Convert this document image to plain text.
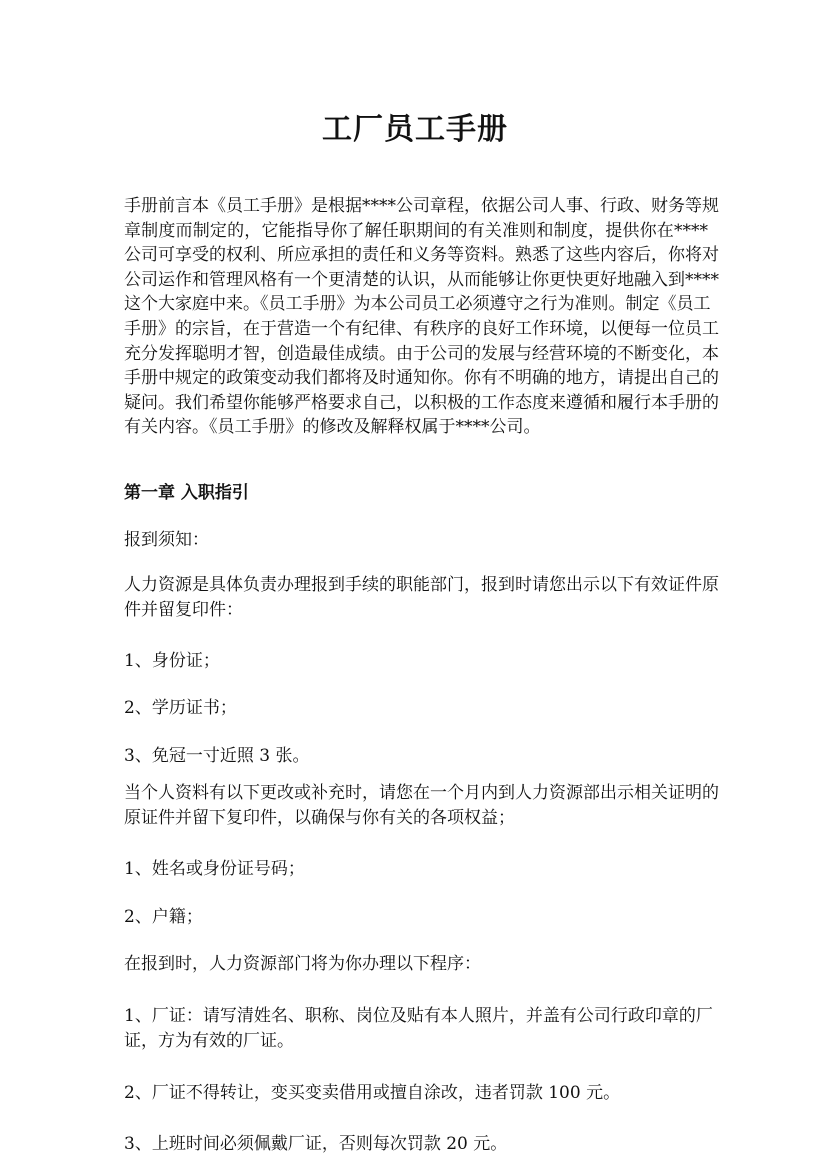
工厂员工手册
手册前言本《员工手册》是根据****公司章程，依据公司人事、行政、财务等规
章制度而制定的，它能指导你了解任职期间的有关准则和制度，提供你在****
公司可享受的权利、所应承担的责任和义务等资料。熟悉了这些内容后，你将对
公司运作和管理风格有一个更清楚的认识，从而能够让你更快更好地融入到****
这个大家庭中来。《员工手册》为本公司员工必须遵守之行为准则。制定《员工
手册》的宗旨，在于营造一个有纪律、有秩序的良好工作环境，以便每一位员工
充分发挥聪明才智，创造最佳成绩。由于公司的发展与经营环境的不断变化，本
手册中规定的政策变动我们都将及时通知你。你有不明确的地方，请提出自己的
疑问。我们希望你能够严格要求自己，以积极的工作态度来遵循和履行本手册的
有关内容。《员工手册》的修改及解释权属于****公司。
第一章 入职指引
报到须知：
人力资源是具体负责办理报到手续的职能部门，报到时请您出示以下有效证件原
件并留复印件：
1、身份证；
2、学历证书；
3、免冠一寸近照 3 张。
当个人资料有以下更改或补充时，请您在一个月内到人力资源部出示相关证明的
原证件并留下复印件，以确保与你有关的各项权益；
1、姓名或身份证号码；
2、户籍；
在报到时，人力资源部门将为你办理以下程序：
1、厂证：请写清姓名、职称、岗位及贴有本人照片，并盖有公司行政印章的厂
证，方为有效的厂证。
2、厂证不得转让，变买变卖借用或擅自涂改，违者罚款 100 元。
3、上班时间必须佩戴厂证，否则每次罚款 20 元。
